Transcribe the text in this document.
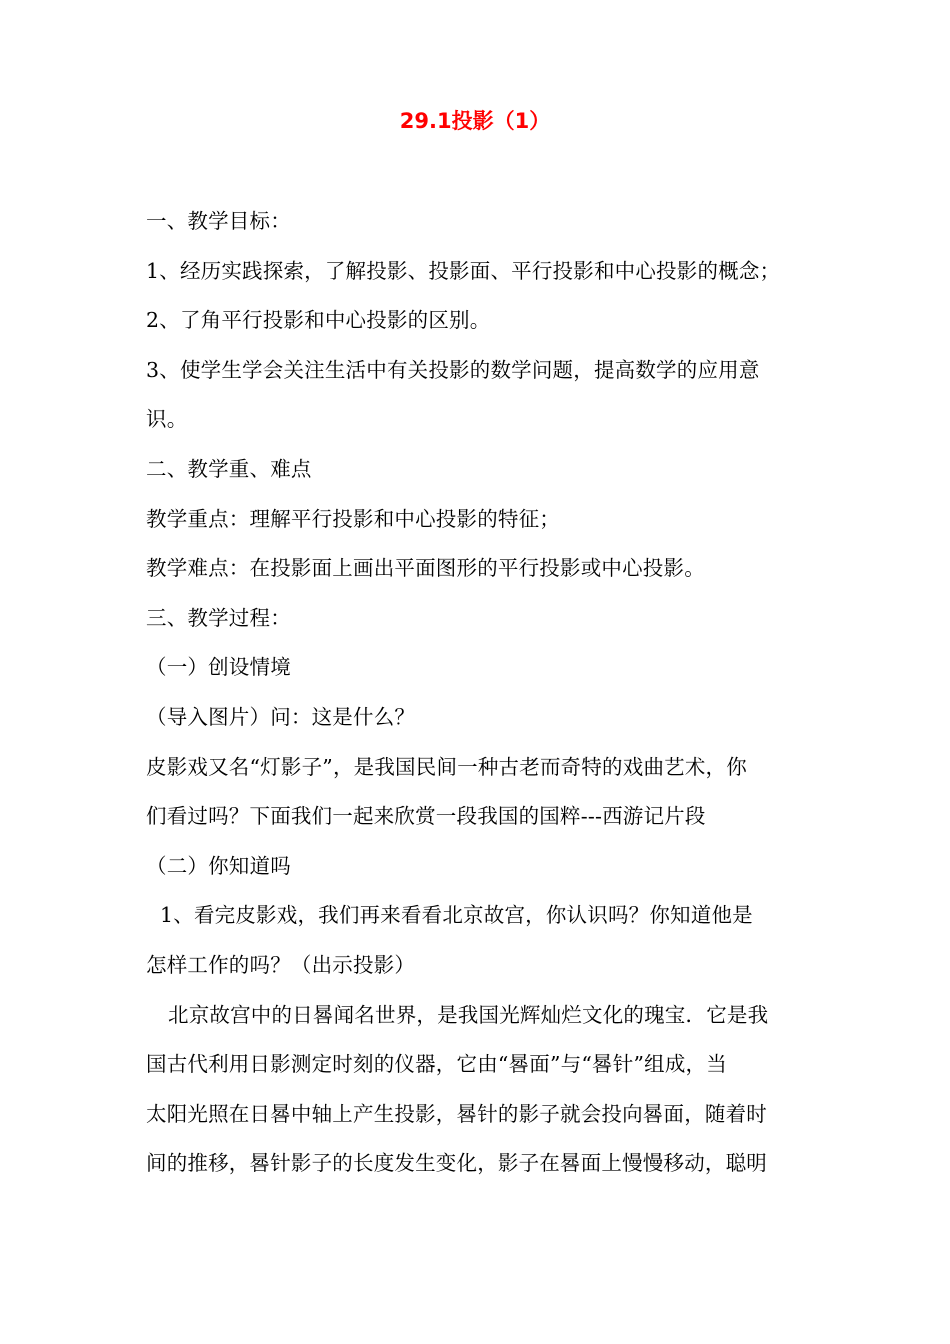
29.1投影（1）
一、教学目标：
1、经历实践探索，了解投影、投影面、平行投影和中心投影的概念；
2、了角平行投影和中心投影的区别。
3、使学生学会关注生活中有关投影的数学问题，提高数学的应用意
识。
二、教学重、难点
教学重点：理解平行投影和中心投影的特征；
教学难点：在投影面上画出平面图形的平行投影或中心投影。
三、教学过程：
（一）创设情境
（导入图片）问：这是什么？
皮影戏又名“灯影子”，是我国民间一种古老而奇特的戏曲艺术，你
们看过吗？下面我们一起来欣赏一段我国的国粹---西游记片段
（二）你知道吗
1、看完皮影戏，我们再来看看北京故宫，你认识吗？你知道他是
怎样工作的吗？（出示投影）
北京故宫中的日晷闻名世界，是我国光辉灿烂文化的瑰宝．它是我
国古代利用日影测定时刻的仪器，它由“晷面”与“晷针”组成，当
太阳光照在日晷中轴上产生投影，晷针的影子就会投向晷面，随着时
间的推移，晷针影子的长度发生变化，影子在晷面上慢慢移动，聪明
